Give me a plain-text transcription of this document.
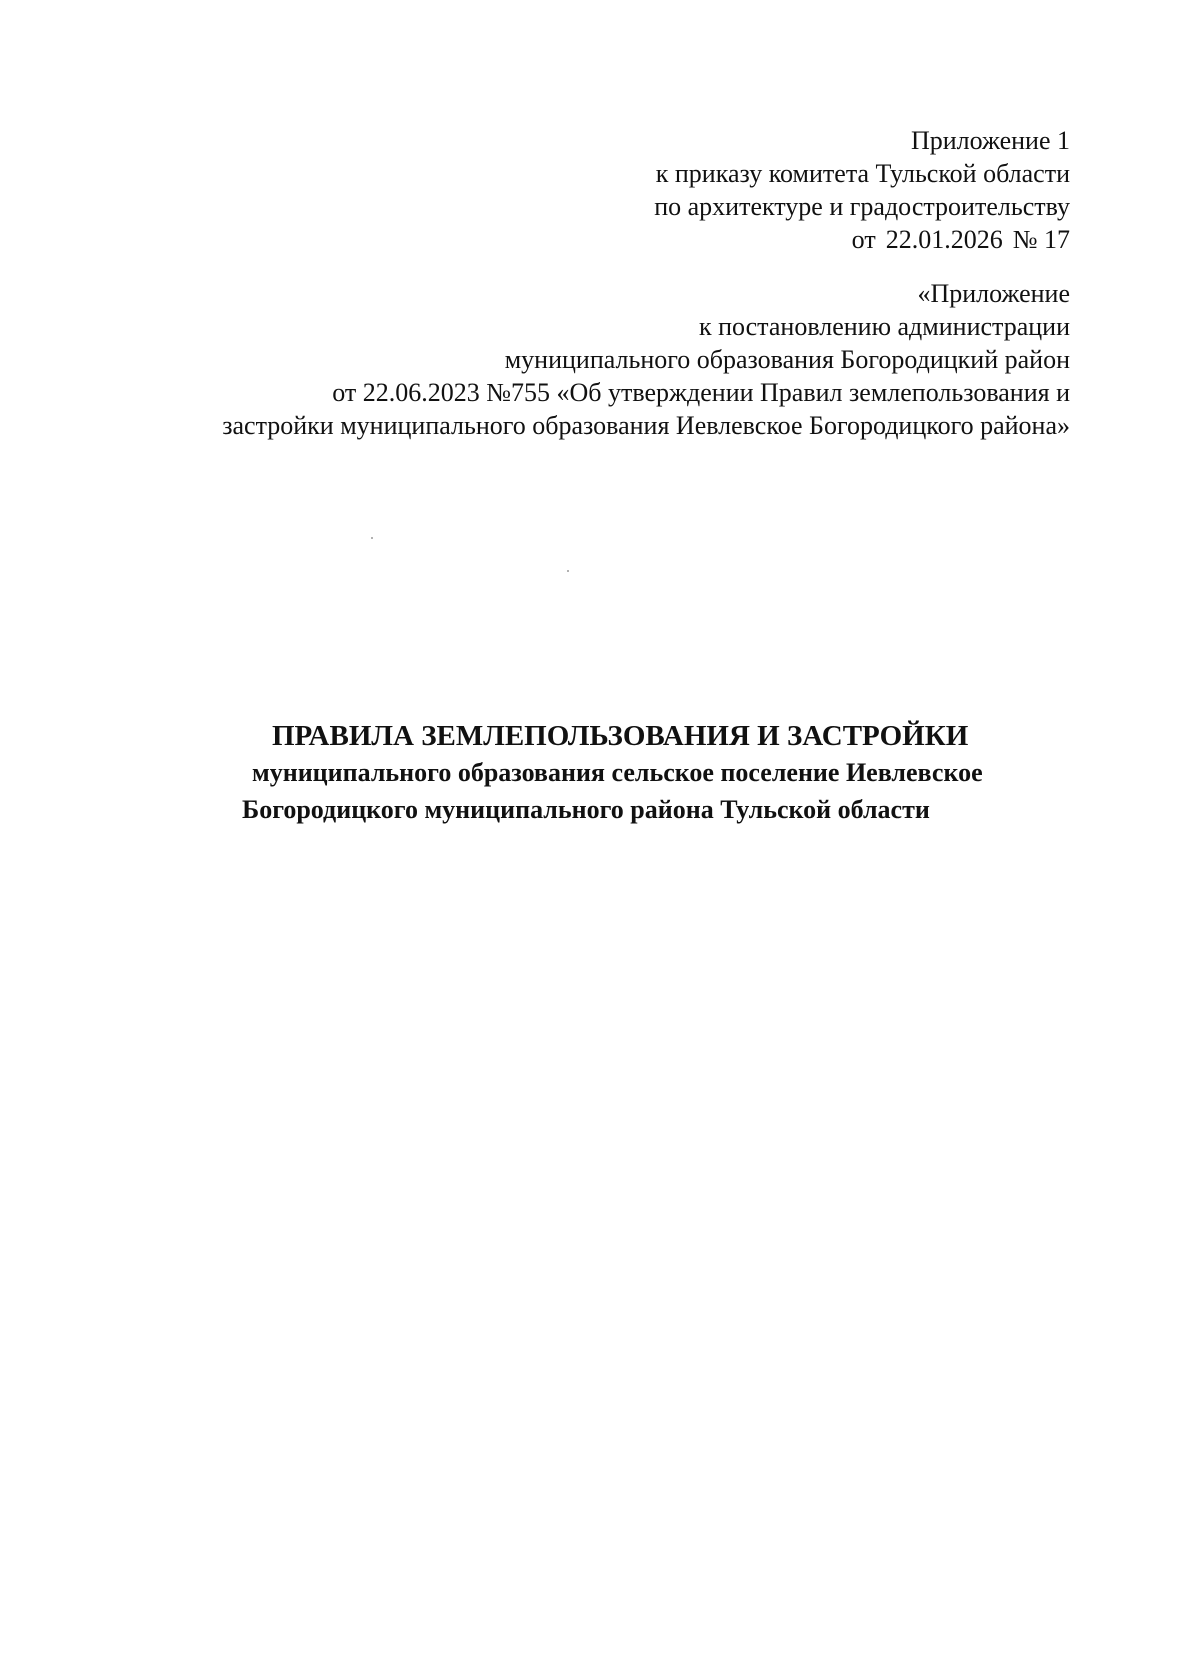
Приложение 1
к приказу комитета Тульской области
по архитектуре и градостроительству
от 22.01.2026 № 17
«Приложение
к постановлению администрации
муниципального образования Богородицкий район
от 22.06.2023 №755 «Об утверждении Правил землепользования и
застройки муниципального образования Иевлевское Богородицкого района»
ПРАВИЛА ЗЕМЛЕПОЛЬЗОВАНИЯ И ЗАСТРОЙКИ
муниципального образования сельское поселение Иевлевское
Богородицкого муниципального района Тульской области
